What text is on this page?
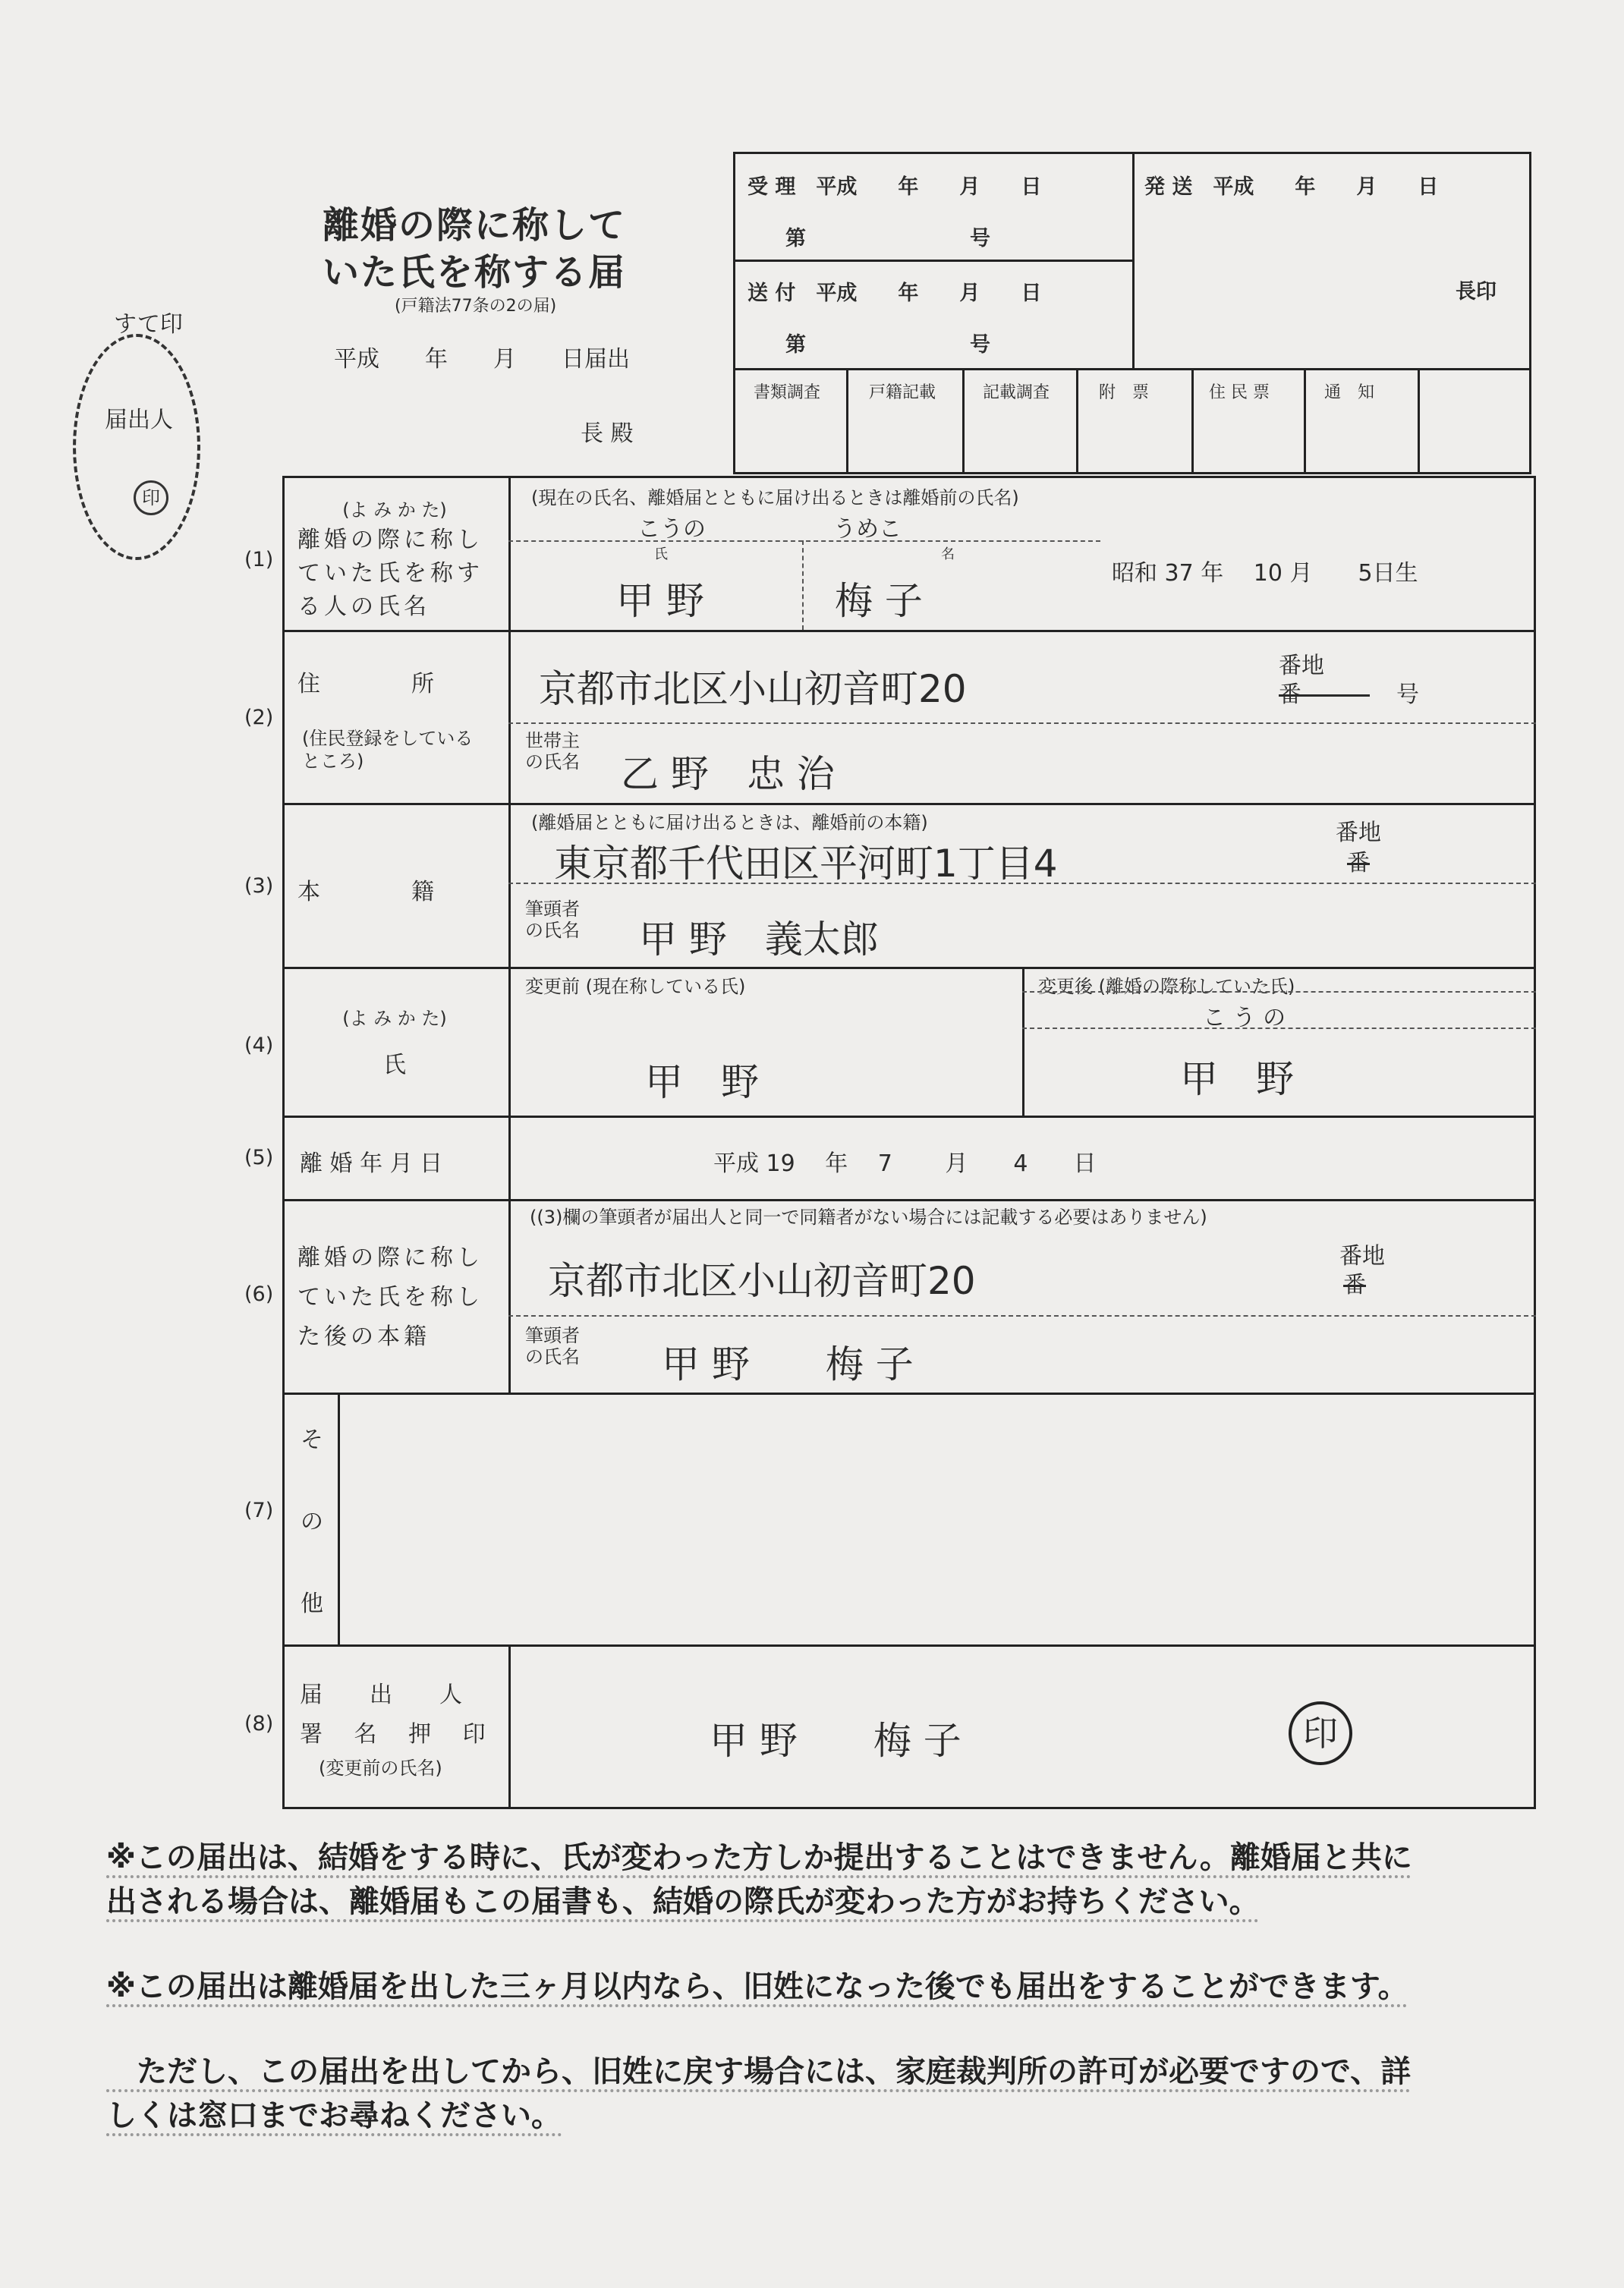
離婚の際に称して
いた氏を称する届
(戸籍法77条の2の届)
平成　　年　　月　　日届出
長 殿
すて印
届出人
印
受 理　平成　　年　　月　　日
第　　　　　　　　号
送 付　平成　　年　　月　　日
第　　　　　　　　号
発 送　平成　　年　　月　　日
長印
書類調査	戸籍記載	記載調査	附　票	住 民 票	通　知
(1)
(2)
(3)
(4)
(5)
(6)
(7)
(8)
(よ み か た)
離婚の際に称していた氏を称する人の氏名
(現在の氏名、離婚届とともに届け出るときは離婚前の氏名)
こうの	うめこ
氏	名
甲 野	梅 子
昭和 37 年　 10 月　　5日生
住　　　　所
(住民登録をしているところ)
京都市北区小山初音町20
番地
番　　　	号
世帯主の氏名	乙 野　忠 治
本　　　　籍
(離婚届とともに届け出るときは、離婚前の本籍)
東京都千代田区平河町1丁目4
番地
番
筆頭者の氏名	甲 野　義太郎
(よ み か た)
氏
変更前 (現在称している氏)	変更後 (離婚の際称していた氏)
こ う の
甲　野	甲　野
離 婚 年 月 日	平成 19　 年　 7　　 月　　4　　日
離婚の際に称していた氏を称した後の本籍
((3)欄の筆頭者が届出人と同一で同籍者がない場合には記載する必要はありません)
京都市北区小山初音町20
番地
番
筆頭者の氏名	甲 野　　梅 子
そ
の
他
届　出　人署 名 押 印
(変更前の氏名)
甲 野　　梅 子	印
※この届出は、結婚をする時に、氏が変わった方しか提出することはできません。離婚届と共に
出される場合は、離婚届もこの届書も、結婚の際氏が変わった方がお持ちください。
※この届出は離婚届を出した三ヶ月以内なら、旧姓になった後でも届出をすることができます。
　ただし、この届出を出してから、旧姓に戻す場合には、家庭裁判所の許可が必要ですので、詳
しくは窓口までお尋ねください。
